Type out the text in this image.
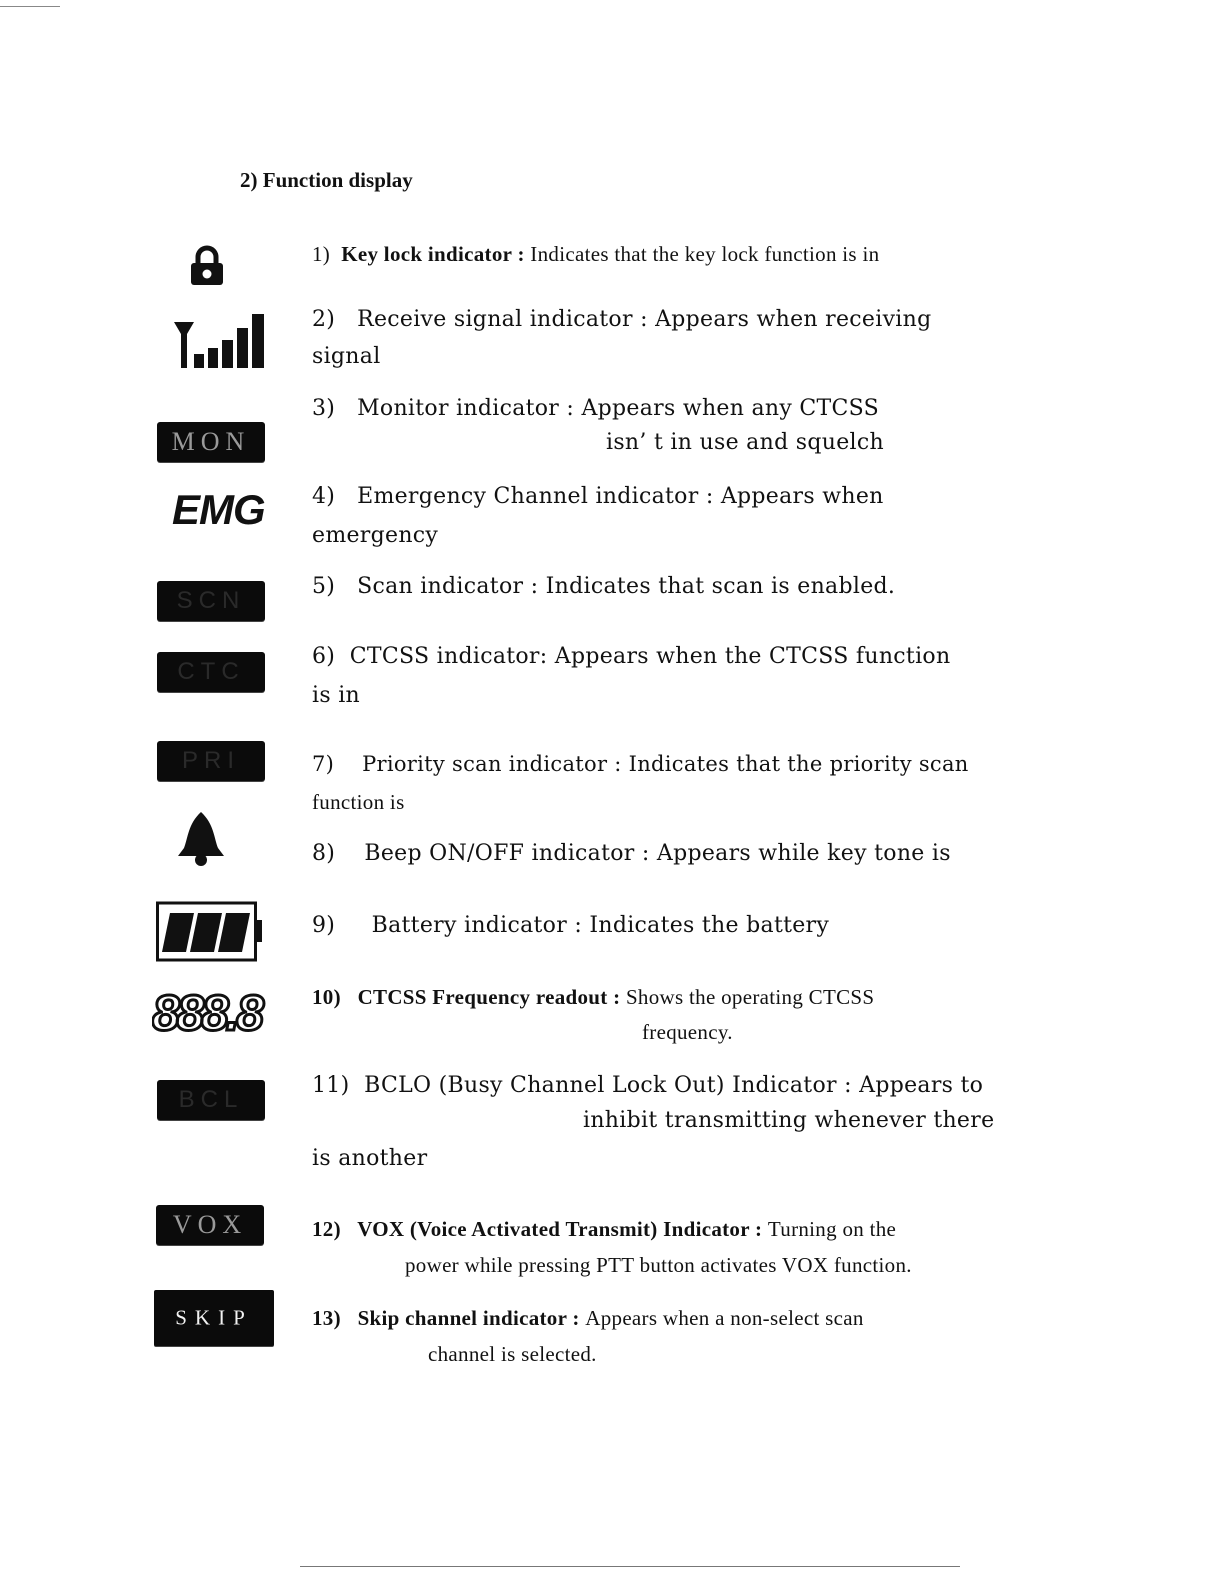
2) Function display
MON
EMG
SCN
CTC
PRI
888.8
BCL
VOX
SKIP
1) Key lock indicator : Indicates that the key lock function is in
2) Receive signal indicator : Appears when receiving
signal
3) Monitor indicator : Appears when any CTCSS
isn’ t in use and squelch
4) Emergency Channel indicator : Appears when
emergency
5) Scan indicator : Indicates that scan is enabled.
6) CTCSS indicator: Appears when the CTCSS function
is in
7) Priority scan indicator : Indicates that the priority scan
function is
8) Beep ON/OFF indicator : Appears while key tone is
9) Battery indicator : Indicates the battery
10) CTCSS Frequency readout : Shows the operating CTCSS
frequency.
11) BCLO (Busy Channel Lock Out) Indicator : Appears to
inhibit transmitting whenever there
is another
12) VOX (Voice Activated Transmit) Indicator : Turning on the
power while pressing PTT button activates VOX function.
13) Skip channel indicator : Appears when a non-select scan
channel is selected.
